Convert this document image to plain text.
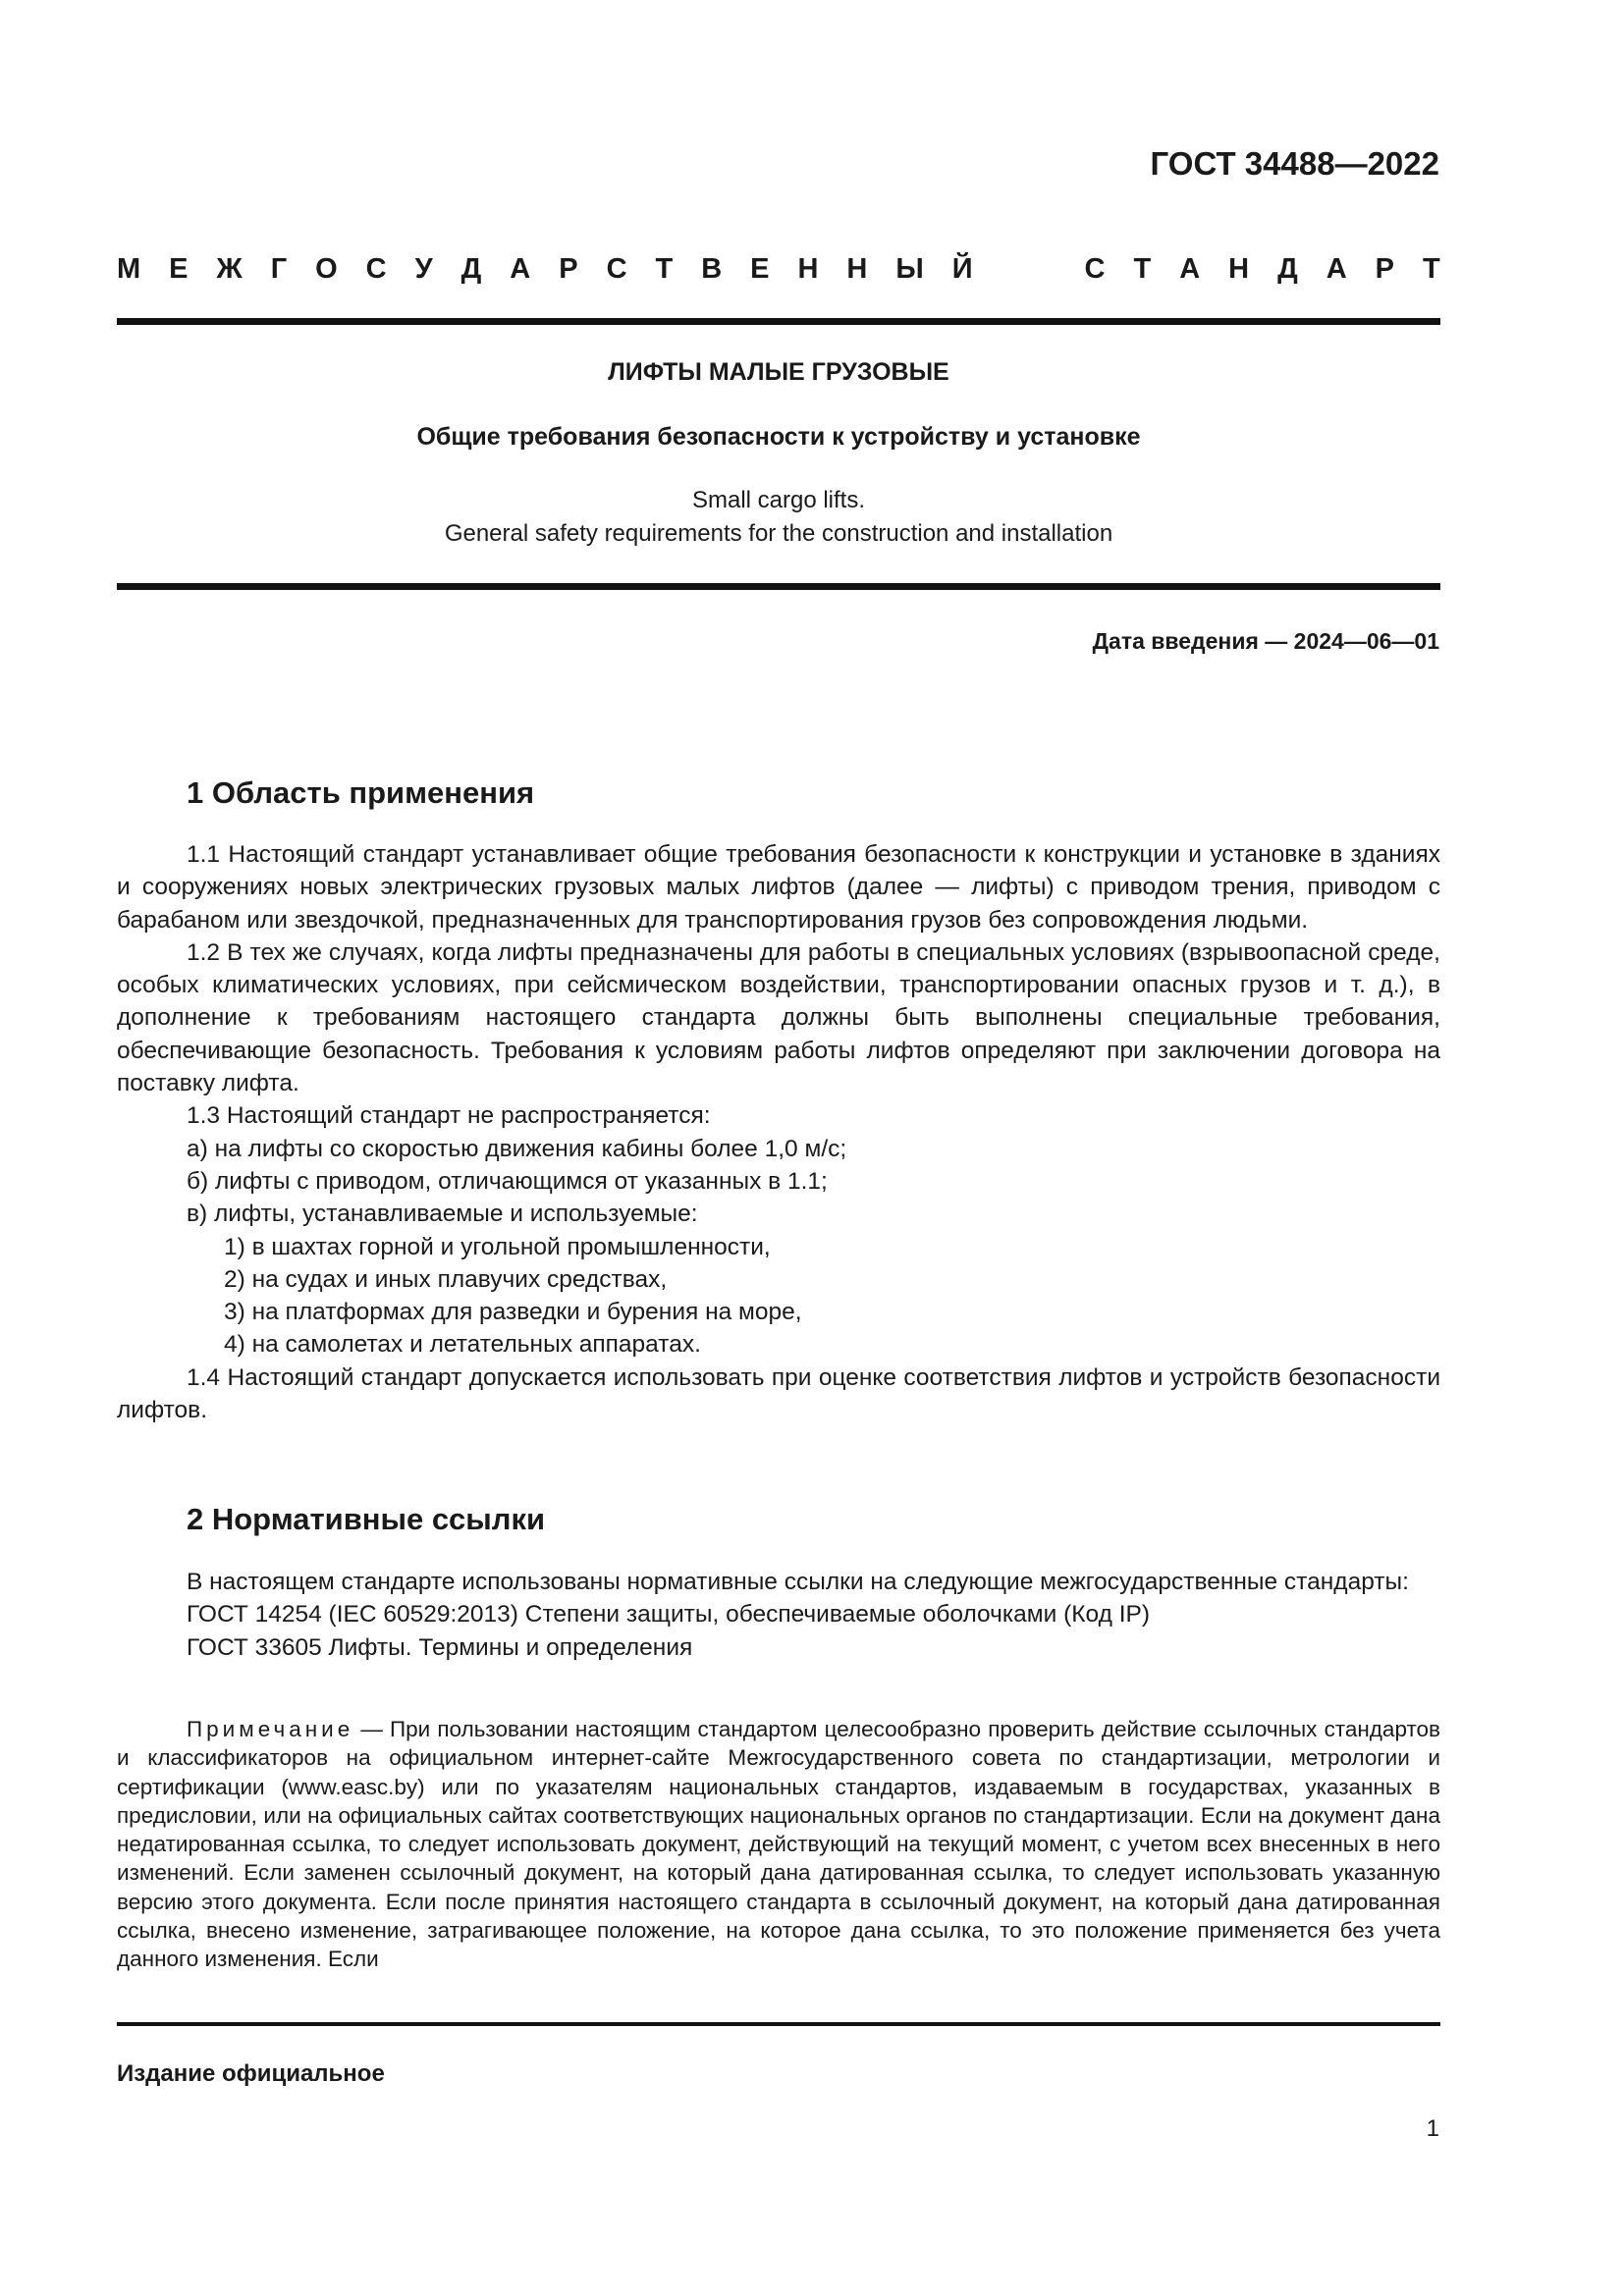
ГОСТ 34488—2022
М Е Ж Г О С У Д А Р С Т В Е Н Н Ы Й	С Т А Н Д А Р Т
ЛИФТЫ МАЛЫЕ ГРУЗОВЫЕ
Общие требования безопасности к устройству и установке
Small cargo lifts.
General safety requirements for the construction and installation
Дата введения — 2024—06—01
1 Область применения

1.1 Настоящий стандарт устанавливает общие требования безопасности к конструкции и установке в зданиях и сооружениях новых электрических грузовых малых лифтов (далее — лифты) с приводом трения, приводом с барабаном или звездочкой, предназначенных для транспортирования грузов без сопровождения людьми.

1.2 В тех же случаях, когда лифты предназначены для работы в специальных условиях (взрывоопасной среде, особых климатических условиях, при сейсмическом воздействии, транспортировании опасных грузов и т. д.), в дополнение к требованиям настоящего стандарта должны быть выполнены специальные требования, обеспечивающие безопасность. Требования к условиям работы лифтов определяют при заключении договора на поставку лифта.

1.3 Настоящий стандарт не распространяется:

а) на лифты со скоростью движения кабины более 1,0 м/с;

б) лифты с приводом, отличающимся от указанных в 1.1;

в) лифты, устанавливаемые и используемые:

1) в шахтах горной и угольной промышленности,

2) на судах и иных плавучих средствах,

3) на платформах для разведки и бурения на море,

4) на самолетах и летательных аппаратах.

1.4 Настоящий стандарт допускается использовать при оценке соответствия лифтов и устройств безопасности лифтов.

2 Нормативные ссылки

В настоящем стандарте использованы нормативные ссылки на следующие межгосударственные стандарты:

ГОСТ 14254 (IEC 60529:2013) Степени защиты, обеспечиваемые оболочками (Код IP)

ГОСТ 33605 Лифты. Термины и определения

Примечание — При пользовании настоящим стандартом целесообразно проверить действие ссылочных стандартов и классификаторов на официальном интернет-сайте Межгосударственного совета по стандартизации, метрологии и сертификации (www.easc.by) или по указателям национальных стандартов, издаваемым в государствах, указанных в предисловии, или на официальных сайтах соответствующих национальных органов по стандартизации. Если на документ дана недатированная ссылка, то следует использовать документ, действующий на текущий момент, с учетом всех внесенных в него изменений. Если заменен ссылочный документ, на который дана датированная ссылка, то следует использовать указанную версию этого документа. Если после принятия настоящего стандарта в ссылочный документ, на который дана датированная ссылка, внесено изменение, затрагивающее положение, на которое дана ссылка, то это положение применяется без учета данного изменения. Если

Издание официальное
1
